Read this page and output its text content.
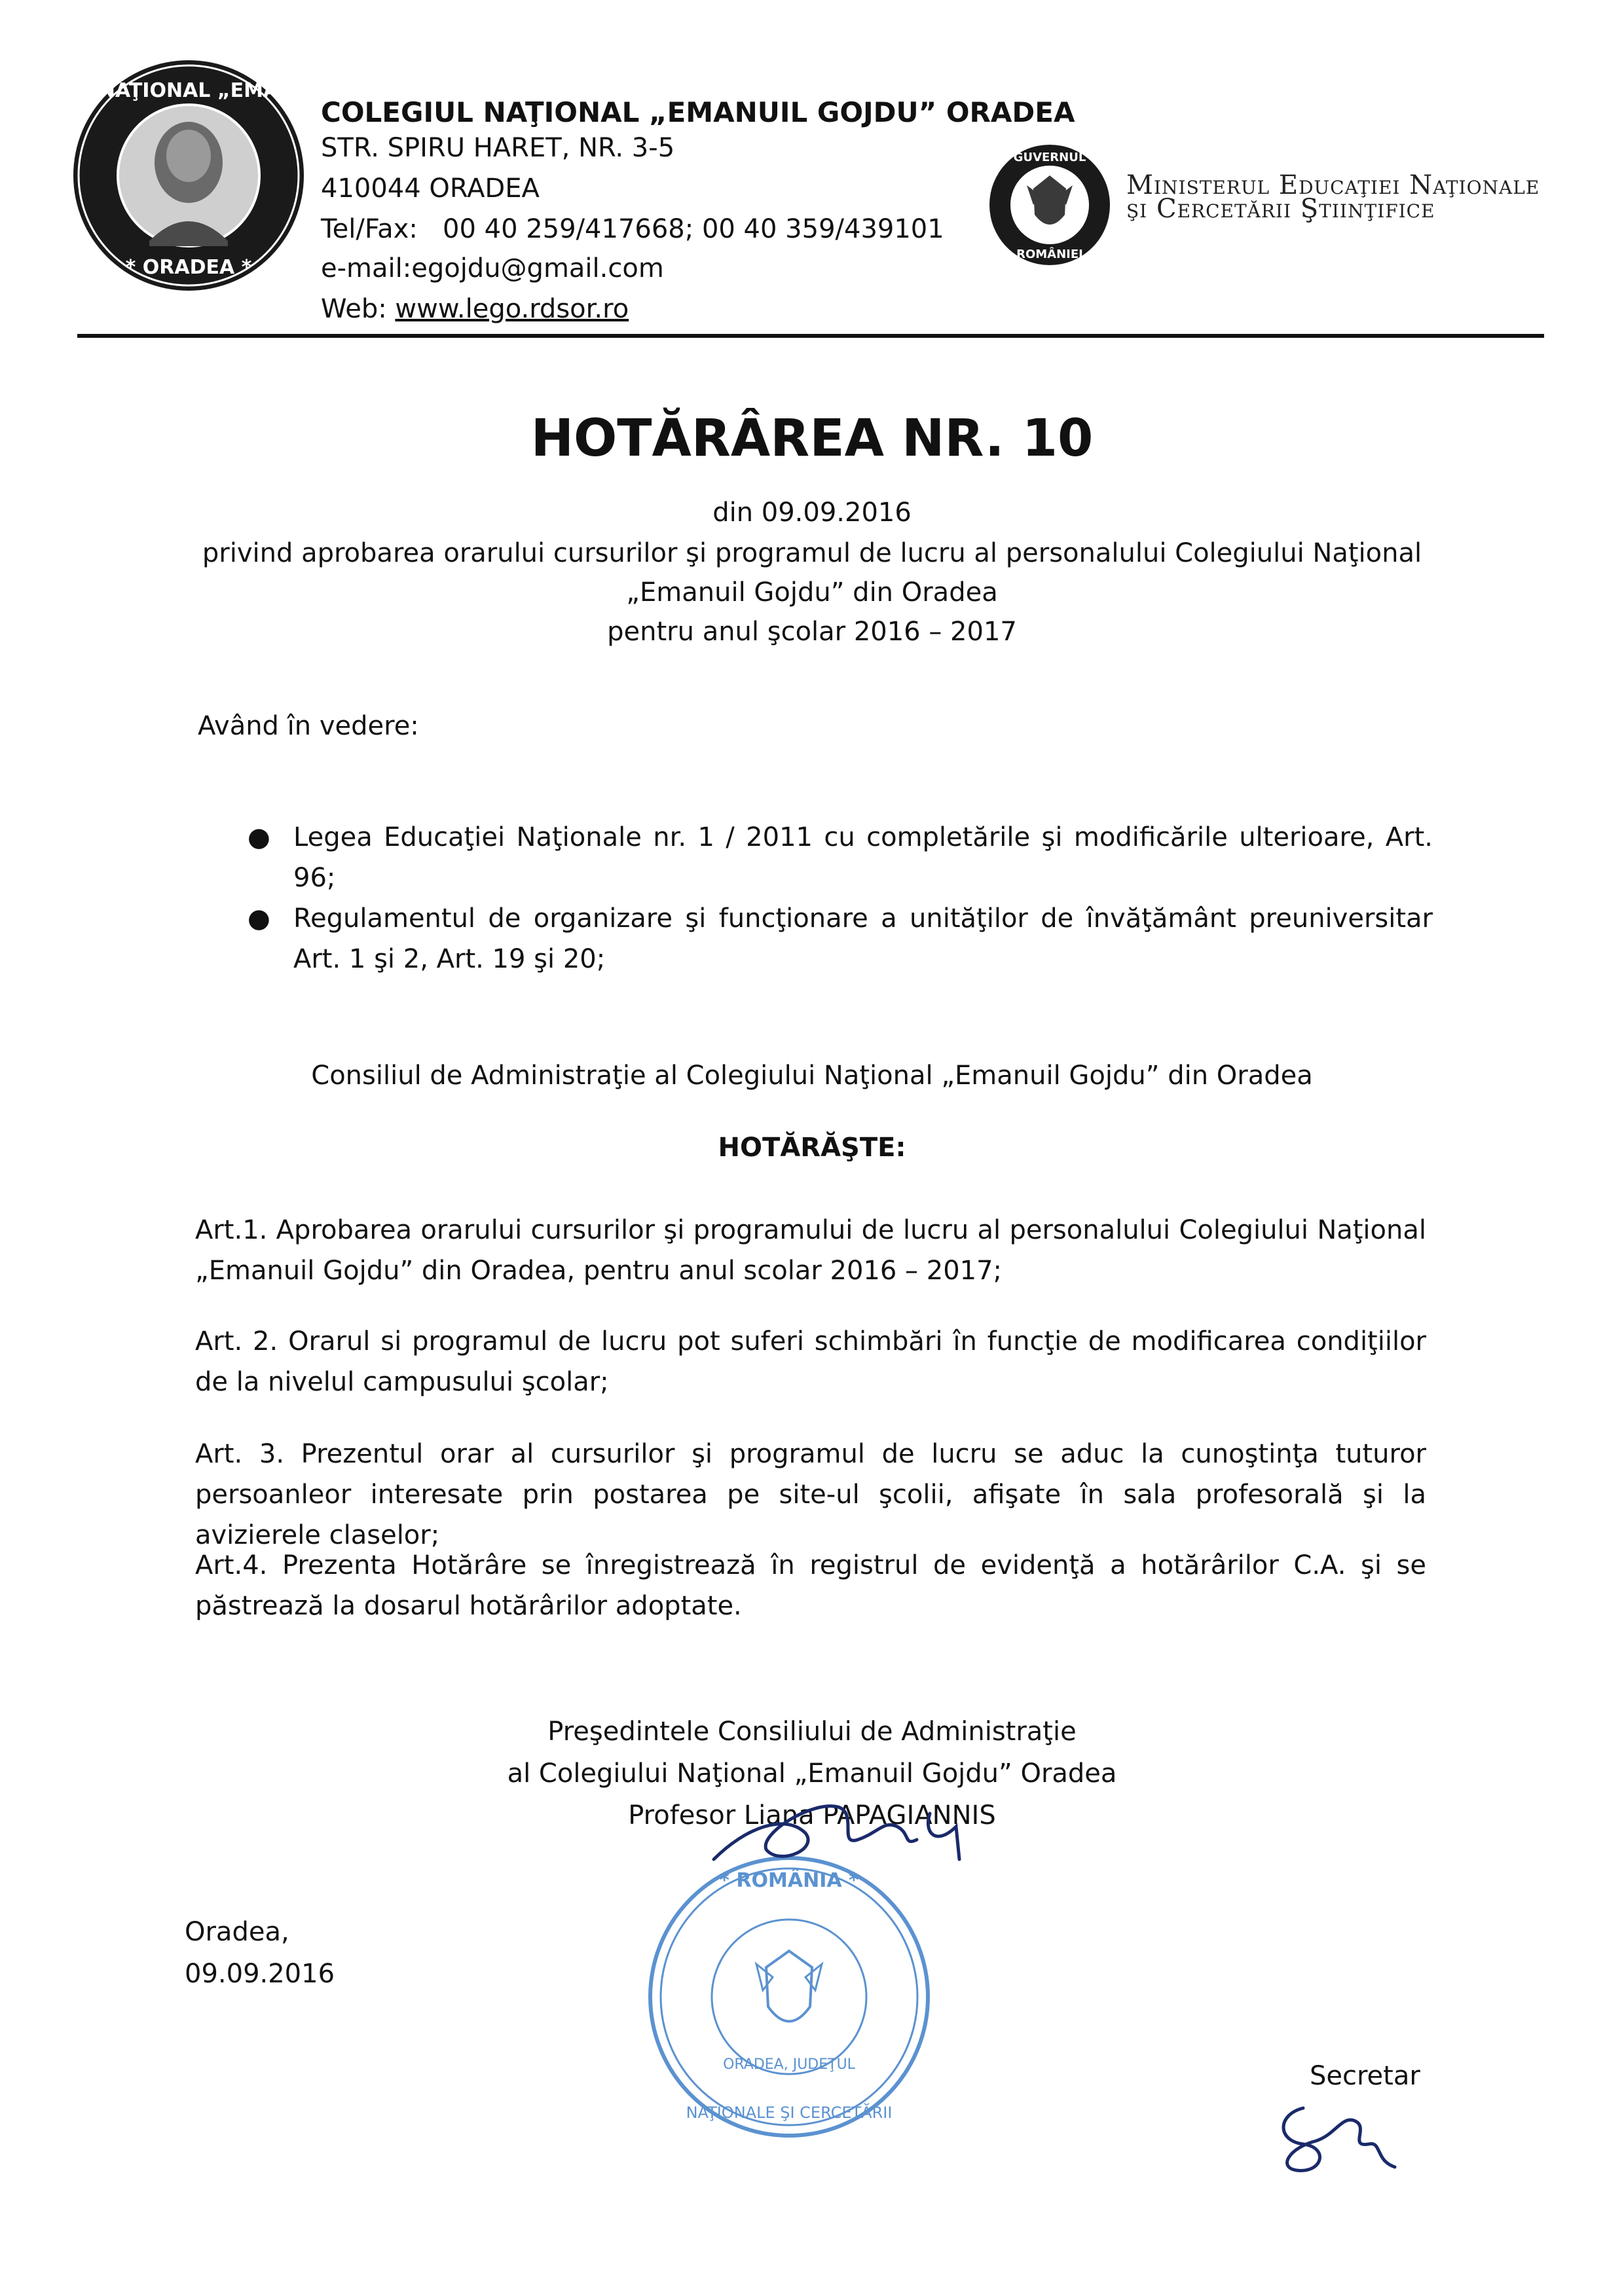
NAŢIONAL „EMA
* ORADEA *
COLEGIUL NAŢIONAL „EMANUIL GOJDU” ORADEA
STR. SPIRU HARET, NR. 3-5
410044 ORADEA
Tel/Fax: 00 40 259/417668; 00 40 359/439101
e-mail:egojdu@gmail.com
Web: www.lego.rdsor.ro
GUVERNUL
ROMÂNIEI
Ministerul Educaţiei Naţionale
şi Cercetării Ştiinţifice
HOTĂRÂREA NR. 10
din 09.09.2016
privind aprobarea orarului cursurilor şi programul de lucru al personalului Colegiului Naţional
„Emanuil Gojdu” din Oradea
pentru anul şcolar 2016 – 2017
Având în vedere:
● Legea Educaţiei Naţionale nr. 1 / 2011 cu completările şi modificările ulterioare, Art. 96;
● Regulamentul de organizare şi funcţionare a unităţilor de învăţământ preuniversitar Art. 1 şi 2, Art. 19 şi 20;
Consiliul de Administraţie al Colegiului Naţional „Emanuil Gojdu” din Oradea
HOTĂRĂŞTE:
Art.1. Aprobarea orarului cursurilor şi programului de lucru al personalului Colegiului Naţional „Emanuil Gojdu” din Oradea, pentru anul scolar 2016 – 2017;
Art. 2. Orarul si programul de lucru pot suferi schimbări în funcţie de modificarea condiţiilor de la nivelul campusului şcolar;
Art. 3. Prezentul orar al cursurilor şi programul de lucru se aduc la cunoştinţa tuturor persoanleor interesate prin postarea pe site-ul şcolii, afişate în sala profesorală şi la avizierele claselor;
Art.4. Prezenta Hotărâre se înregistrează în registrul de evidenţă a hotărârilor C.A. şi se păstrează la dosarul hotărârilor adoptate.
Preşedintele Consiliului de Administraţie
al Colegiului Naţional „Emanuil Gojdu” Oradea
Profesor Liana PAPAGIANNIS
* ROMÂNIA *
ORADEA, JUDEŢUL
NAŢIONALE ŞI CERCETĂRII
Oradea,
09.09.2016
Secretar
